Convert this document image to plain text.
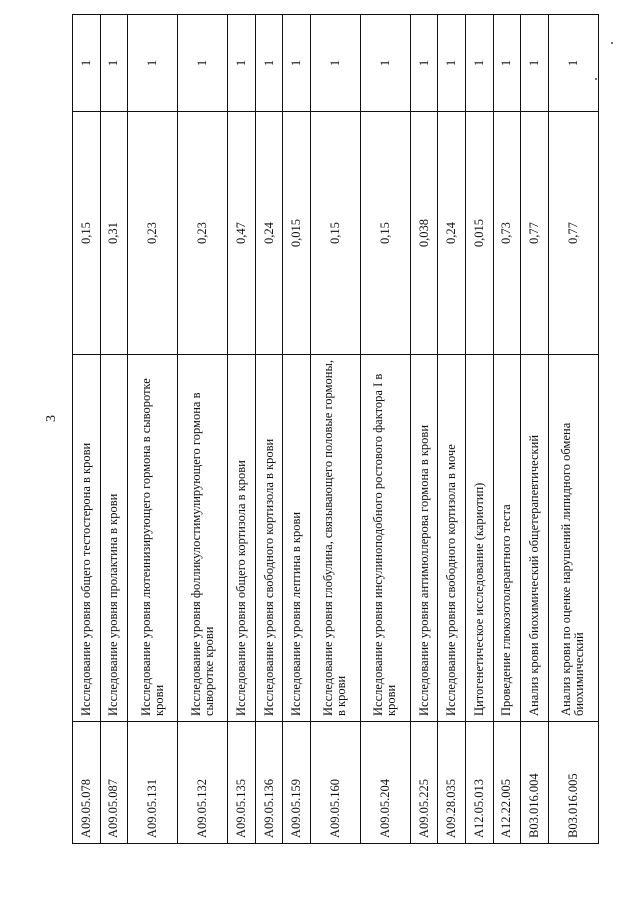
3
A09.05.078	Исследование уровня общего тестостерона в крови	0,15	1
A09.05.087	Исследование уровня пролактина в крови	0,31	1
A09.05.131	Исследование уровня лютеинизирующего гормона в сыворотке крови	0,23	1
A09.05.132	Исследование уровня фолликулостимулирующего гормона в сыворотке крови	0,23	1
A09.05.135	Исследование уровня общего кортизола в крови	0,47	1
A09.05.136	Исследование уровня свободного кортизола в крови	0,24	1
A09.05.159	Исследование уровня лептина в крови	0,015	1
A09.05.160	Исследование уровня глобулина, связывающего половые гормоны, в крови	0,15	1
A09.05.204	Исследование уровня инсулиноподобного ростового фактора I в крови	0,15	1
A09.05.225	Исследование уровня антимюллерова гормона в крови	0,038	1
A09.28.035	Исследование уровня свободного кортизола в моче	0,24	1
A12.05.013	Цитогенетическое исследование (кариотип)	0,015	1
A12.22.005	Проведение глюкозотолерантного теста	0,73	1
B03.016.004	Анализ крови биохимический общетерапевтический	0,77	1
B03.016.005	Анализ крови по оценке нарушений липидного обмена биохимический	0,77	1
